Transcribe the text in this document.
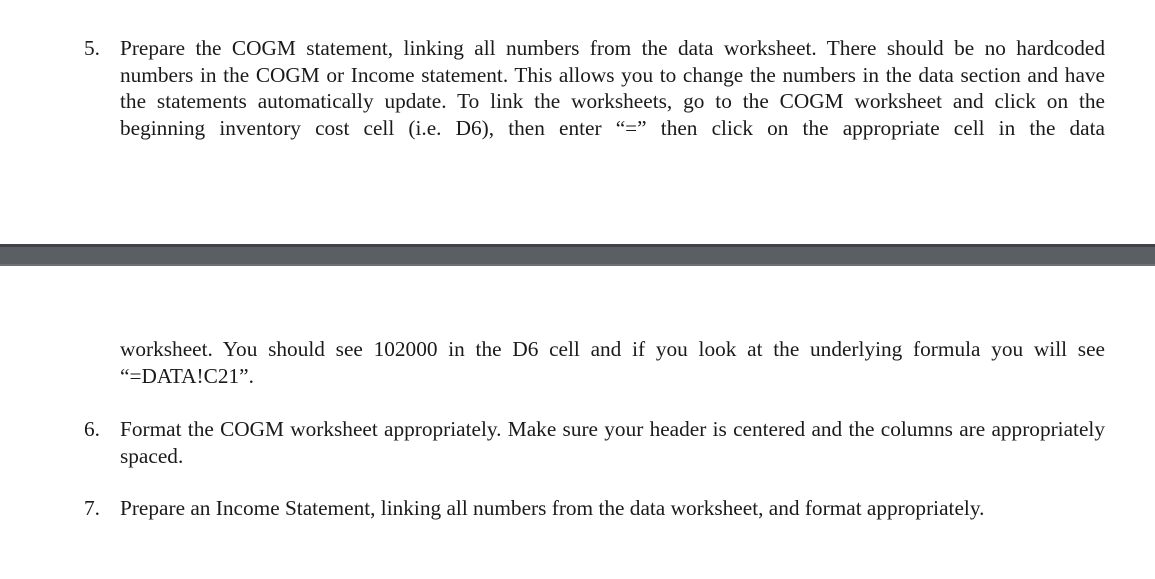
5. Prepare the COGM statement, linking all numbers from the data worksheet. There should be no hardcoded numbers in the COGM or Income statement. This allows you to change the numbers in the data section and have the statements automatically update. To link the worksheets, go to the COGM worksheet and click on the beginning inventory cost cell (i.e. D6), then enter “=” then click on the appropriate cell in the data

worksheet. You should see 102000 in the D6 cell and if you look at the underlying formula you will see “=DATA!C21”.

6. Format the COGM worksheet appropriately. Make sure your header is centered and the columns are appropriately spaced.

7. Prepare an Income Statement, linking all numbers from the data worksheet, and format appropriately.
